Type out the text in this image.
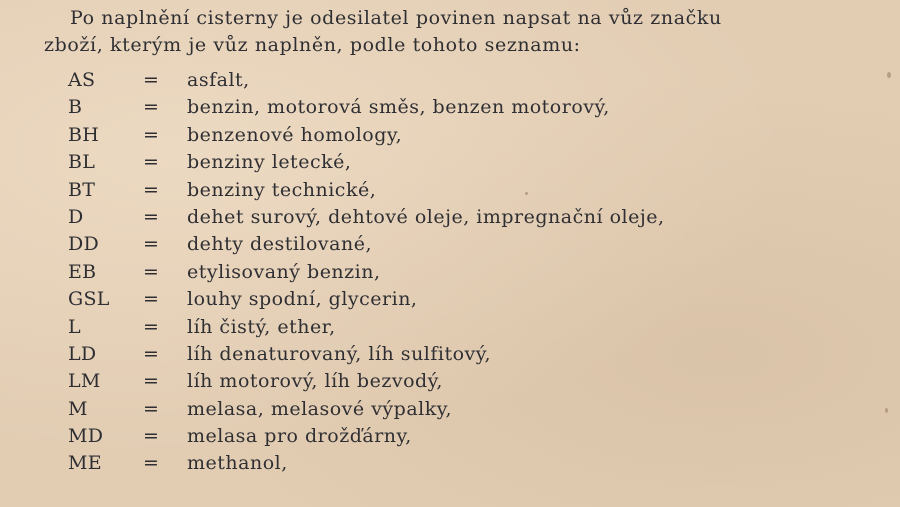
Po naplnění cisterny je odesilatel povinen napsat na vůz značku
zboží, kterým je vůz naplněn, podle tohoto seznamu:
AS	= asfalt,
B	= benzin, motorová směs, benzen motorový,
BH = benzenové homology,
BL	= benziny letecké,
BT	= benziny technické,
D	= dehet surový, dehtové oleje, impregnační oleje,
DD = dehty destilované,
EB = etylisovaný benzin,
GSL = louhy spodní, glycerin,
L	= líh čistý, ether,
LD = líh denaturovaný, líh sulfitový,
LM = líh motorový, líh bezvodý,
M	= melasa, melasové výpalky,
MD = melasa pro drožďárny,
ME = methanol,
